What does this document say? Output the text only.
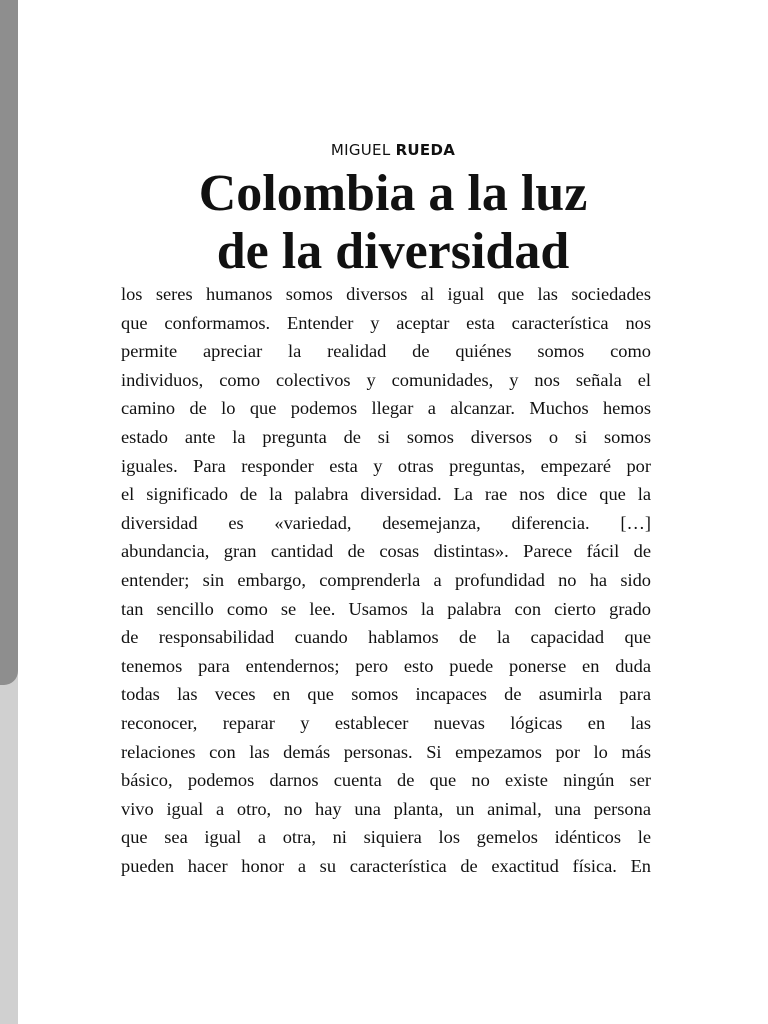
MIGUEL RUEDA
Colombia a la luz
de la diversidad
los seres humanos somos diversos al igual que las sociedades
que conformamos. Entender y aceptar esta característica nos
permite apreciar la realidad de quiénes somos como
individuos, como colectivos y comunidades, y nos señala el
camino de lo que podemos llegar a alcanzar. Muchos hemos
estado ante la pregunta de si somos diversos o si somos
iguales. Para responder esta y otras preguntas, empezaré por
el significado de la palabra diversidad. La rae nos dice que la
diversidad es «variedad, desemejanza, diferencia. […]
abundancia, gran cantidad de cosas distintas». Parece fácil de
entender; sin embargo, comprenderla a profundidad no ha sido
tan sencillo como se lee. Usamos la palabra con cierto grado
de responsabilidad cuando hablamos de la capacidad que
tenemos para entendernos; pero esto puede ponerse en duda
todas las veces en que somos incapaces de asumirla para
reconocer, reparar y establecer nuevas lógicas en las
relaciones con las demás personas. Si empezamos por lo más
básico, podemos darnos cuenta de que no existe ningún ser
vivo igual a otro, no hay una planta, un animal, una persona
que sea igual a otra, ni siquiera los gemelos idénticos le
pueden hacer honor a su característica de exactitud física. En
